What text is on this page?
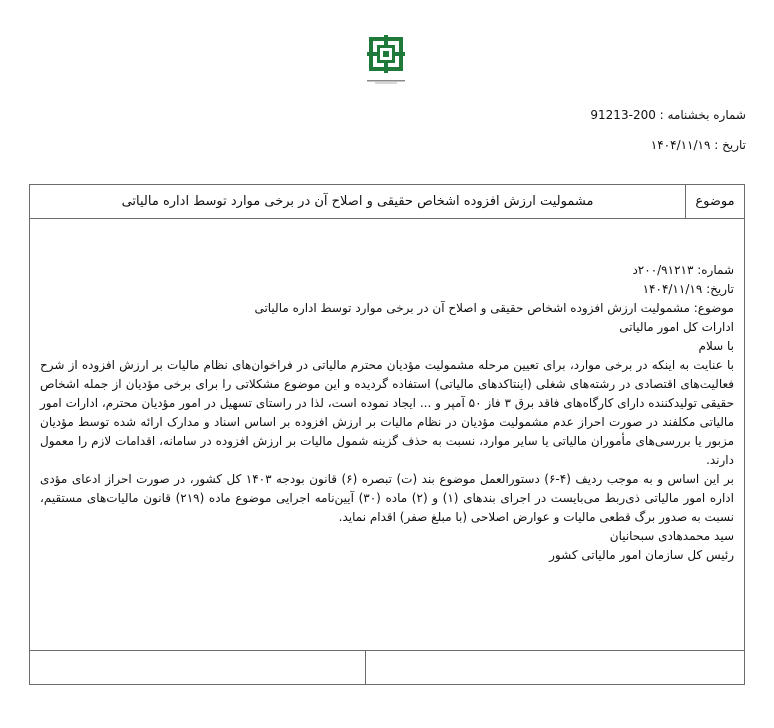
شماره بخشنامه : 200-91213
تاریخ : ۱۴۰۴/۱۱/۱۹
موضوع
مشمولیت ارزش افزوده اشخاص حقیقی و اصلاح آن در برخی موارد توسط اداره مالیاتی

شماره: ۲۰۰/۹۱۲۱۳د

تاریخ: ۱۴۰۴/۱۱/۱۹

موضوع: مشمولیت ارزش افزوده اشخاص حقیقی و اصلاح آن در برخی موارد توسط اداره مالیاتی

ادارات کل امور مالیاتی

با سلام

با عنایت به اینکه در برخی موارد، برای تعیین مرحله مشمولیت مؤدیان محترم مالیاتی در فراخوان‌های نظام مالیات بر ارزش افزوده از شرح فعالیت‌های اقتصادی در رشته‌های شغلی (اینتاکدهای مالیاتی) استفاده گردیده و این موضوع مشکلاتی را برای برخی مؤدیان از جمله اشخاص حقیقی تولیدکننده دارای کارگاه‌های فاقد برق ۳ فاز ۵۰ آمپر و ... ایجاد نموده است، لذا در راستای تسهیل در امور مؤدیان محترم، ادارات امور مالیاتی مکلفند در صورت احراز عدم مشمولیت مؤدیان در نظام مالیات بر ارزش افزوده بر اساس اسناد و مدارک ارائه شده توسط مؤدیان مزبور یا بررسی‌های مأموران مالیاتی یا سایر موارد، نسبت به حذف گزینه شمول مالیات بر ارزش افزوده در سامانه، اقدامات لازم را معمول دارند.

بر این اساس و به موجب ردیف (۴-۶) دستورالعمل موضوع بند (ت) تبصره (۶) قانون بودجه ۱۴۰۳ کل کشور، در صورت احراز ادعای مؤدی اداره امور مالیاتی ذی‌ربط می‌بایست در اجرای بندهای (۱) و (۲) ماده (۳۰) آیین‌نامه اجرایی موضوع ماده (۲۱۹) قانون مالیات‌های مستقیم، نسبت به صدور برگ قطعی مالیات و عوارض اصلاحی (با مبلغ صفر) اقدام نماید.

سید محمدهادی سبحانیان

رئیس کل سازمان امور مالیاتی کشور
